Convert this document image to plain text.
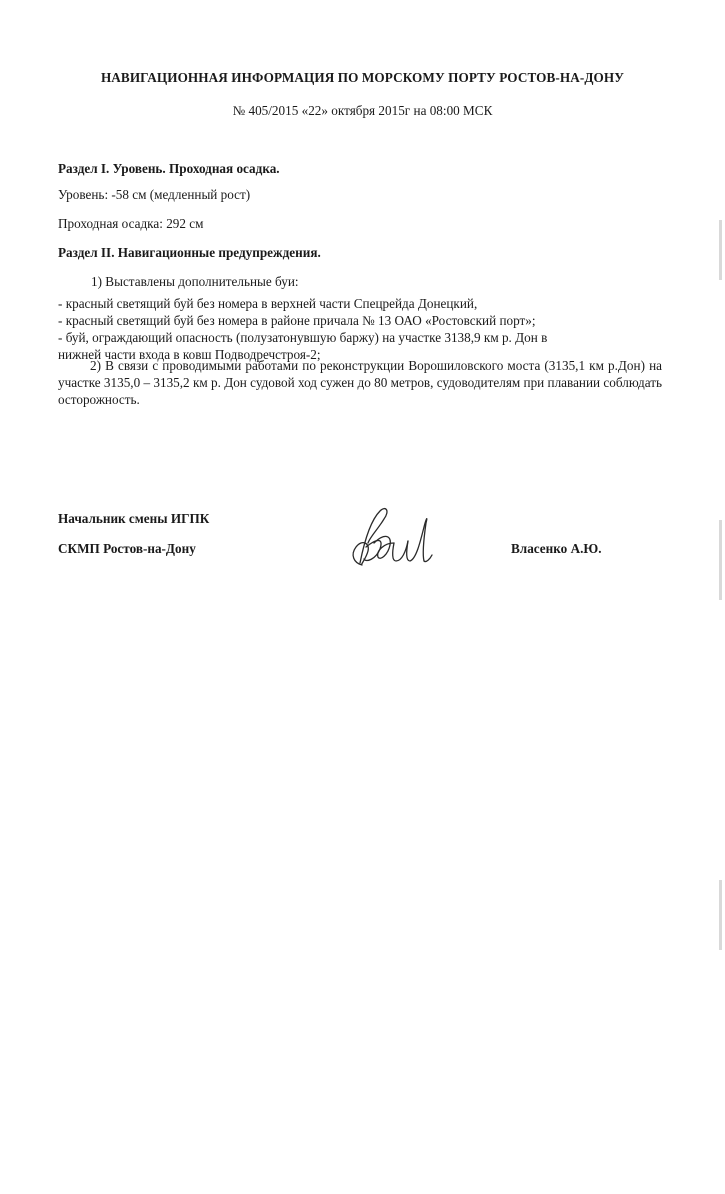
НАВИГАЦИОННАЯ ИНФОРМАЦИЯ ПО МОРСКОМУ ПОРТУ РОСТОВ-НА-ДОНУ
№ 405/2015 «22» октября 2015г на 08:00 МСК
Раздел I. Уровень. Проходная осадка.
Уровень: -58 см (медленный рост)
Проходная осадка: 292 см
Раздел II. Навигационные предупреждения.
1) Выставлены дополнительные буи:
- красный светящий буй без номера в верхней части Спецрейда Донецкий,
- красный светящий буй без номера в районе причала № 13 ОАО «Ростовский порт»;
- буй, ограждающий опасность (полузатонувшую баржу) на участке 3138,9 км р. Дон в
нижней части входа в ковш Подводречстроя-2;
2) В связи с проводимыми работами по реконструкции Ворошиловского моста (3135,1 км р.Дон) на участке 3135,0 – 3135,2 км р. Дон судовой ход сужен до 80 метров, судоводителям при плавании соблюдать осторожность.
Начальник смены ИГПК
СКМП Ростов-на-Дону	Власенко А.Ю.
